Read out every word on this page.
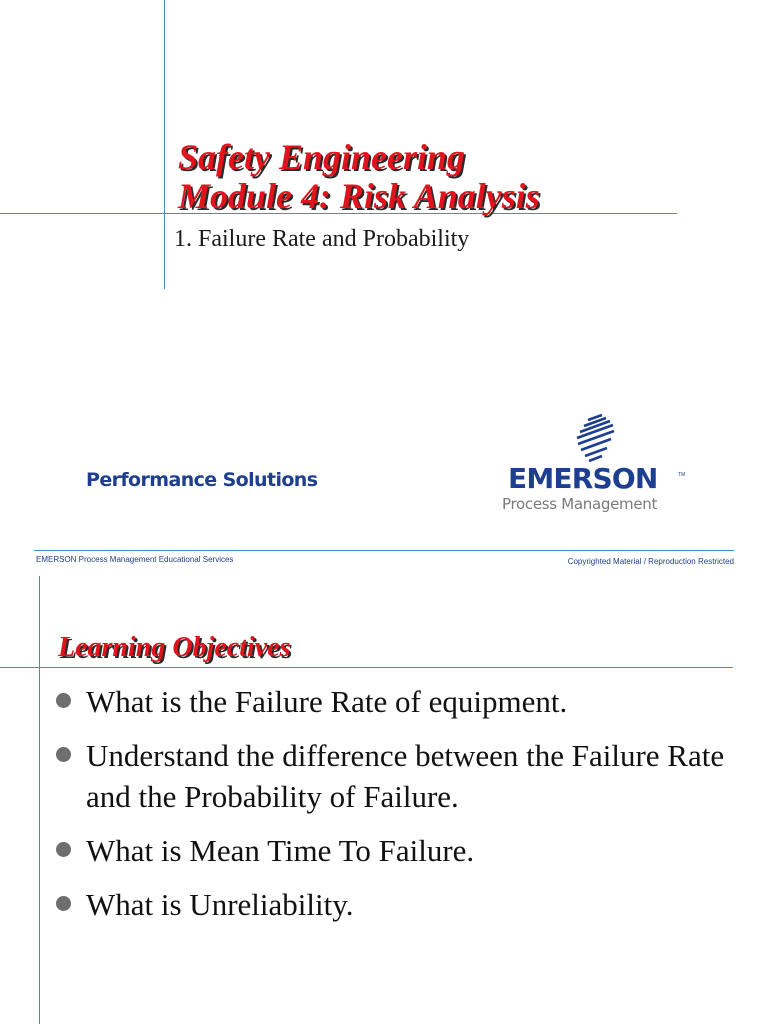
Safety Engineering
Module 4: Risk Analysis
1. Failure Rate and Probability
Performance Solutions	EMERSON	TM
Process Management
EMERSON Process Management Educational Services	Copyrighted Material / Reproduction Restricted
Learning Objectives
What is the Failure Rate of equipment.
Understand the difference between the Failure Rate and the Probability of Failure.
What is Mean Time To Failure.
What is Unreliability.
